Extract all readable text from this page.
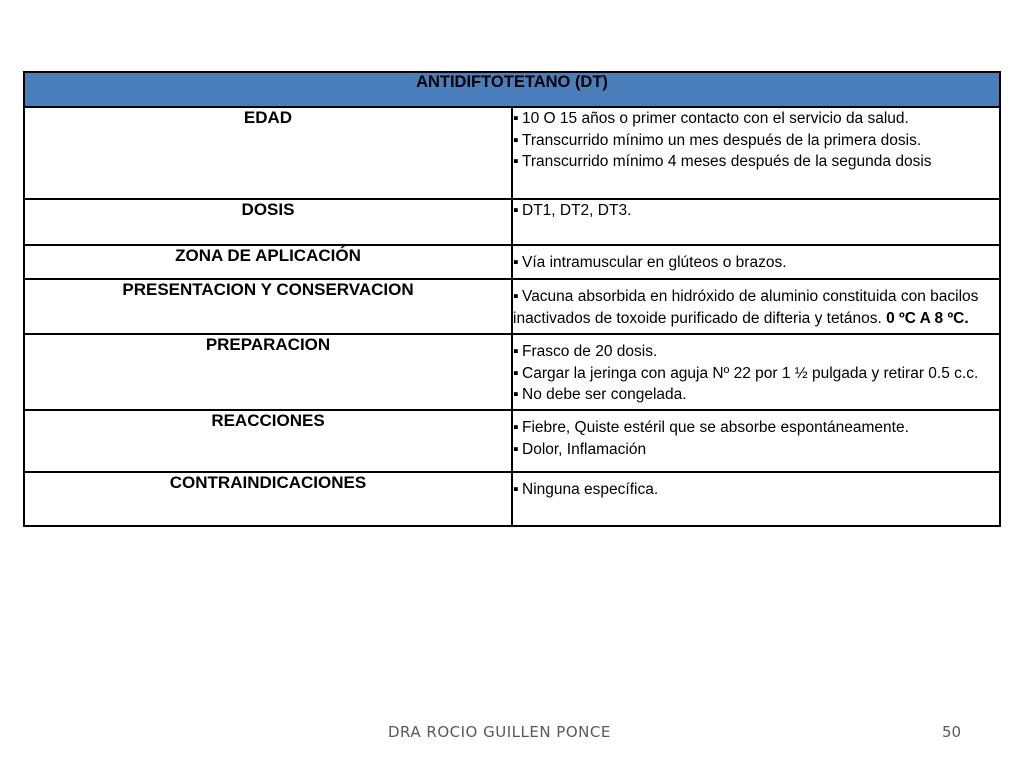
ANTIDIFTOTETANO (DT)	
EDAD	▪ 10 O 15 años o primer contacto con el servicio da salud.
▪ Transcurrido mínimo un mes después de la primera dosis.
▪ Transcurrido mínimo 4 meses después de la segunda dosis

DOSIS	▪ DT1, DT2, DT3.

ZONA DE APLICACIÓN	▪ Vía intramuscular en glúteos o brazos.

PRESENTACION Y CONSERVACION	▪ Vacuna absorbida en hidróxido de aluminio constituida con bacilos inactivados de toxoide purificado de difteria y tetános. 0 ºC A 8 ºC.
PREPARACION	▪ Frasco de 20 dosis.
▪ Cargar la jeringa con aguja Nº 22 por 1 ½ pulgada y retirar 0.5 c.c.
▪ No debe ser congelada.

REACCIONES	▪ Fiebre, Quiste estéril que se absorbe espontáneamente.
▪ Dolor, Inflamación

CONTRAINDICACIONES	▪ Ninguna específica.
DRA ROCIO GUILLEN PONCE	50
